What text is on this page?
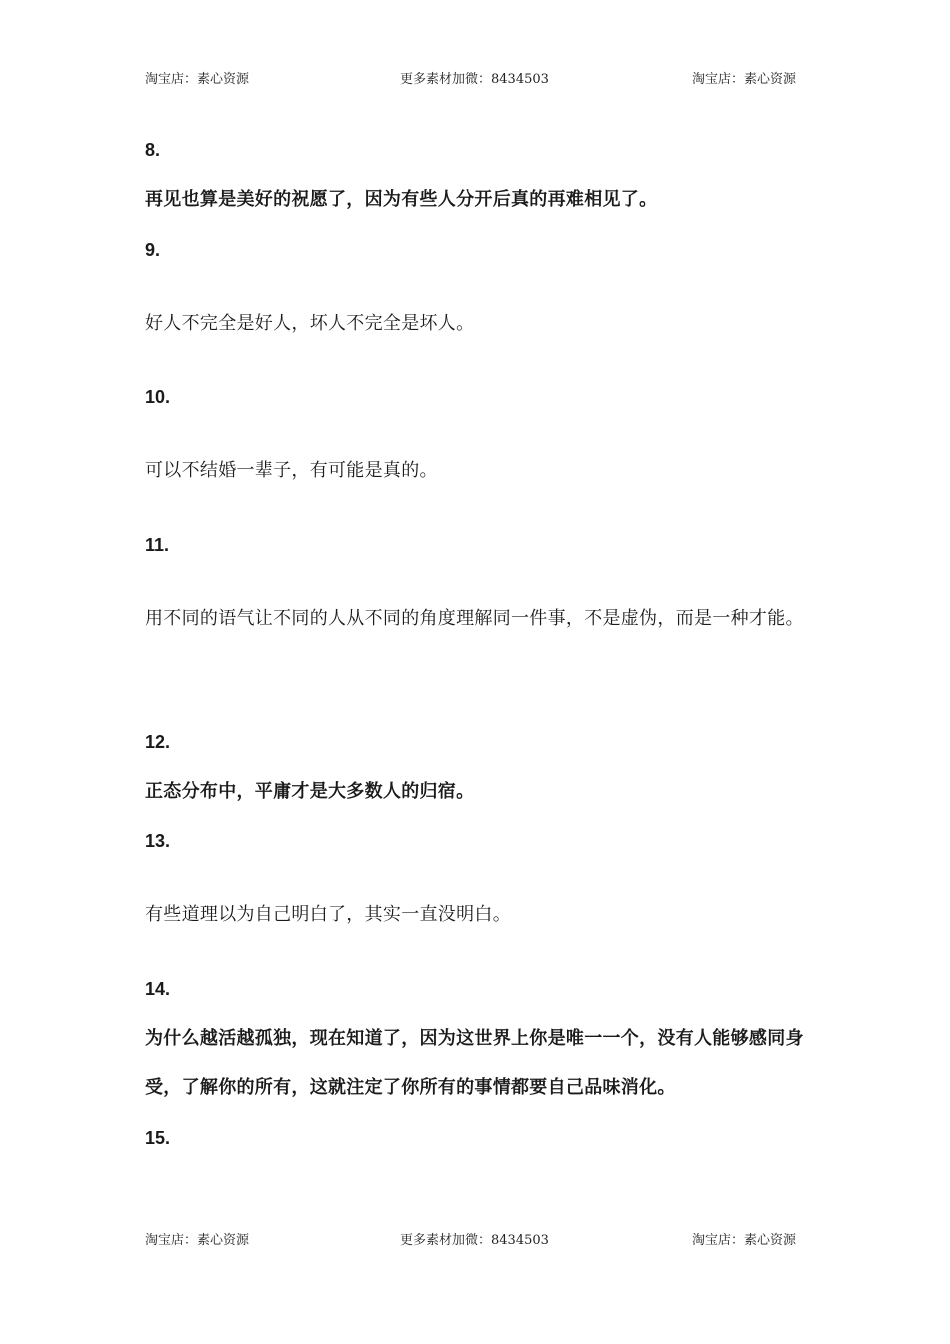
淘宝店：素心资源	更多素材加微：8434503	淘宝店：素心资源

8.

再见也算是美好的祝愿了，因为有些人分开后真的再难相见了。

9.

好人不完全是好人，坏人不完全是坏人。

10.

可以不结婚一辈子，有可能是真的。

11.

用不同的语气让不同的人从不同的角度理解同一件事，不是虚伪，而是一种才能。

12.

正态分布中，平庸才是大多数人的归宿。

13.

有些道理以为自己明白了，其实一直没明白。

14.

为什么越活越孤独，现在知道了，因为这世界上你是唯一一个，没有人能够感同身受，了解你的所有，这就注定了你所有的事情都要自己品味消化。

15.

淘宝店：素心资源	更多素材加微：8434503	淘宝店：素心资源
